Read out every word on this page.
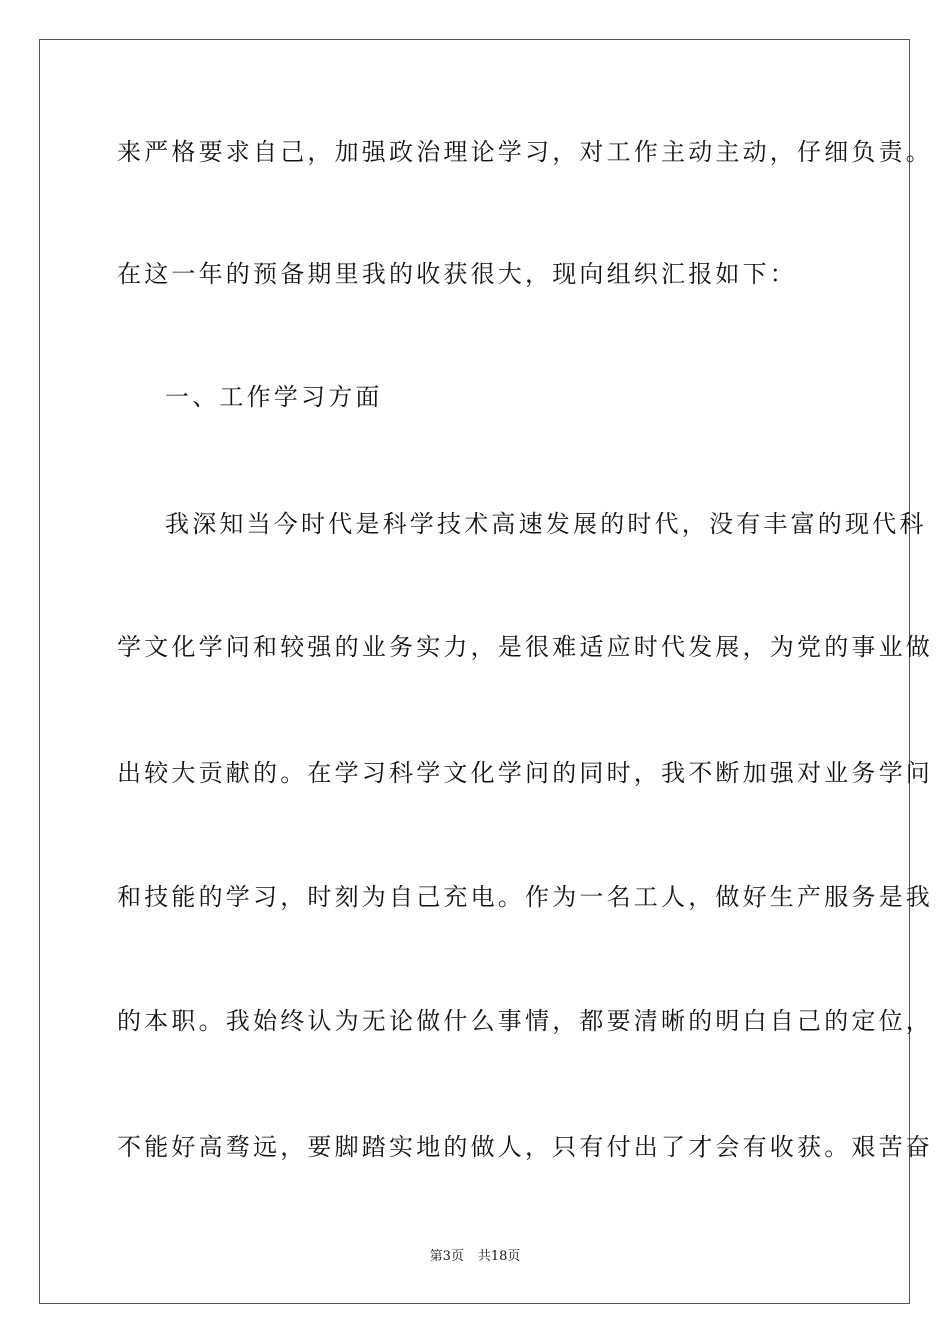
来严格要求自己，加强政治理论学习，对工作主动主动，仔细负责。
在这一年的预备期里我的收获很大，现向组织汇报如下：
一、工作学习方面
我深知当今时代是科学技术高速发展的时代，没有丰富的现代科
学文化学问和较强的业务实力，是很难适应时代发展，为党的事业做
出较大贡献的。在学习科学文化学问的同时，我不断加强对业务学问
和技能的学习，时刻为自己充电。作为一名工人，做好生产服务是我
的本职。我始终认为无论做什么事情，都要清晰的明白自己的定位，
不能好高骛远，要脚踏实地的做人，只有付出了才会有收获。艰苦奋
第3页 共18页
